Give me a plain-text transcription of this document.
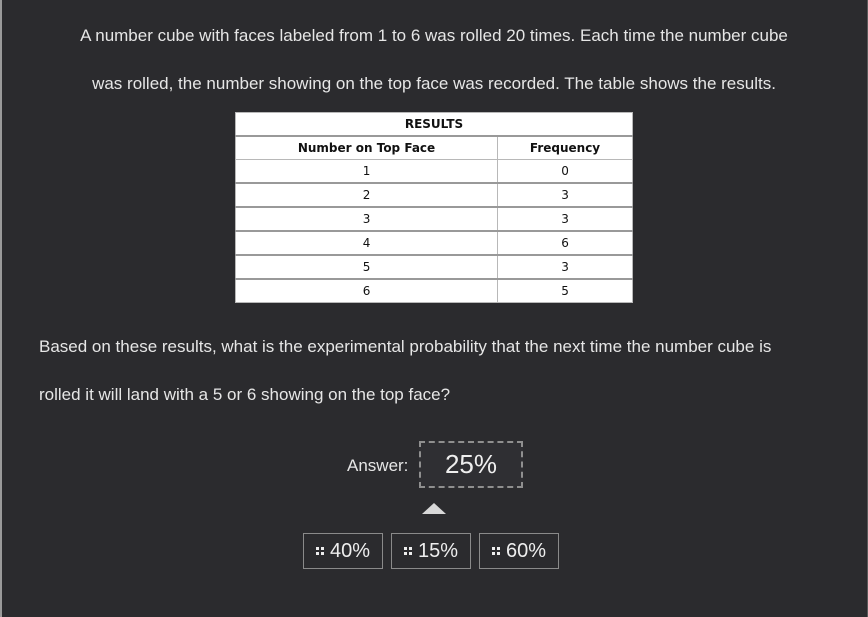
A number cube with faces labeled from 1 to 6 was rolled 20 times. Each time the number cube
was rolled, the number showing on the top face was recorded. The table shows the results.
RESULTS	
Number on Top Face	Frequency
1	0
2	3
3	3
4	6
5	3
6	5
Based on these results, what is the experimental probability that the next time the number cube is
rolled it will land with a 5 or 6 showing on the top face?
Answer:	25%
40% 15% 60%
